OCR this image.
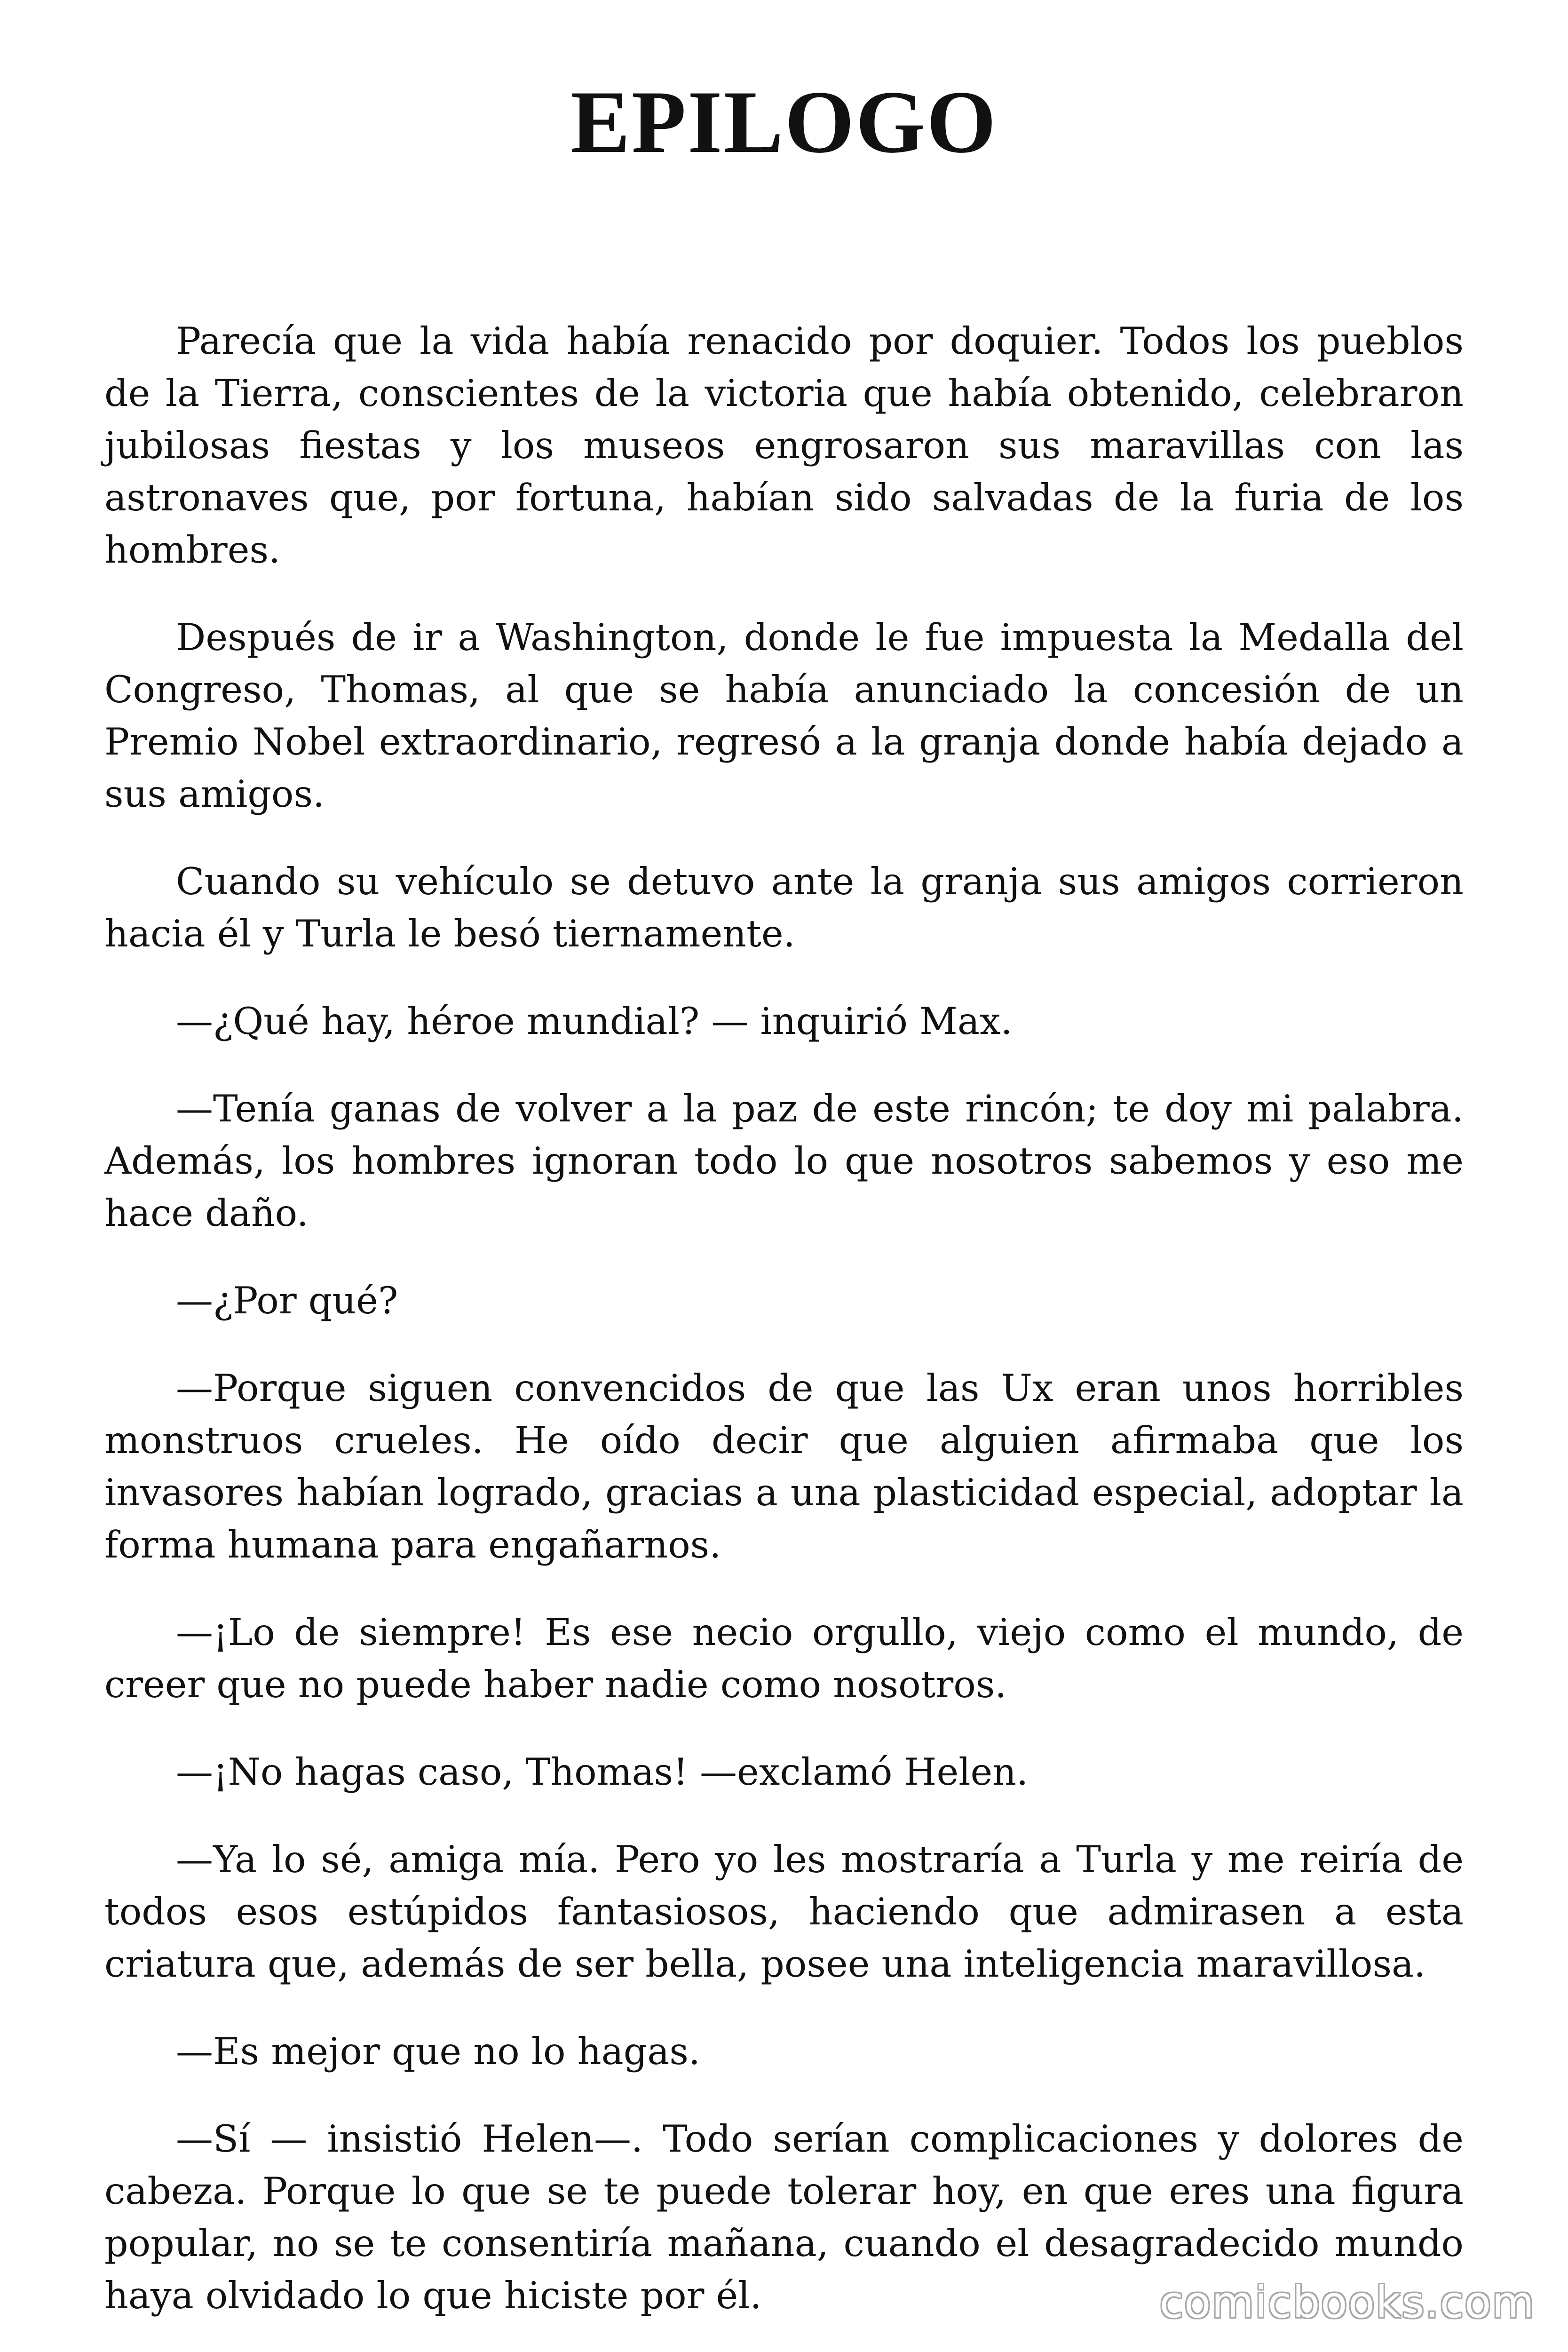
EPILOGO

Parecía que la vida había renacido por doquier. Todos los pueblos de la Tierra, conscientes de la victoria que había obtenido, celebraron jubilosas fiestas y los museos engrosaron sus maravillas con las astronaves que, por fortuna, habían sido salvadas de la furia de los hombres.

Después de ir a Washington, donde le fue impuesta la Medalla del Congreso, Thomas, al que se había anunciado la concesión de un Premio Nobel extraordinario, regresó a la granja donde había dejado a sus amigos.

Cuando su vehículo se detuvo ante la granja sus amigos corrieron hacia él y Turla le besó tiernamente.

—¿Qué hay, héroe mundial? — inquirió Max.

—Tenía ganas de volver a la paz de este rincón; te doy mi palabra. Además, los hombres ignoran todo lo que nosotros sabemos y eso me hace daño.

—¿Por qué?

—Porque siguen convencidos de que las Ux eran unos horribles monstruos crueles. He oído decir que alguien afirmaba que los invasores habían logrado, gracias a una plasticidad especial, adoptar la forma humana para engañarnos.

—¡Lo de siempre! Es ese necio orgullo, viejo como el mundo, de creer que no puede haber nadie como nosotros.

—¡No hagas caso, Thomas! —exclamó Helen.

—Ya lo sé, amiga mía. Pero yo les mostraría a Turla y me reiría de todos esos estúpidos fantasiosos, haciendo que admirasen a esta criatura que, además de ser bella, posee una inteligencia maravillosa.

—Es mejor que no lo hagas.

—Sí — insistió Helen—. Todo serían complicaciones y dolores de cabeza. Porque lo que se te puede tolerar hoy, en que eres una figura popular, no se te consentiría mañana, cuando el desagradecido mundo haya olvidado lo que hiciste por él.	comicbooks.com
